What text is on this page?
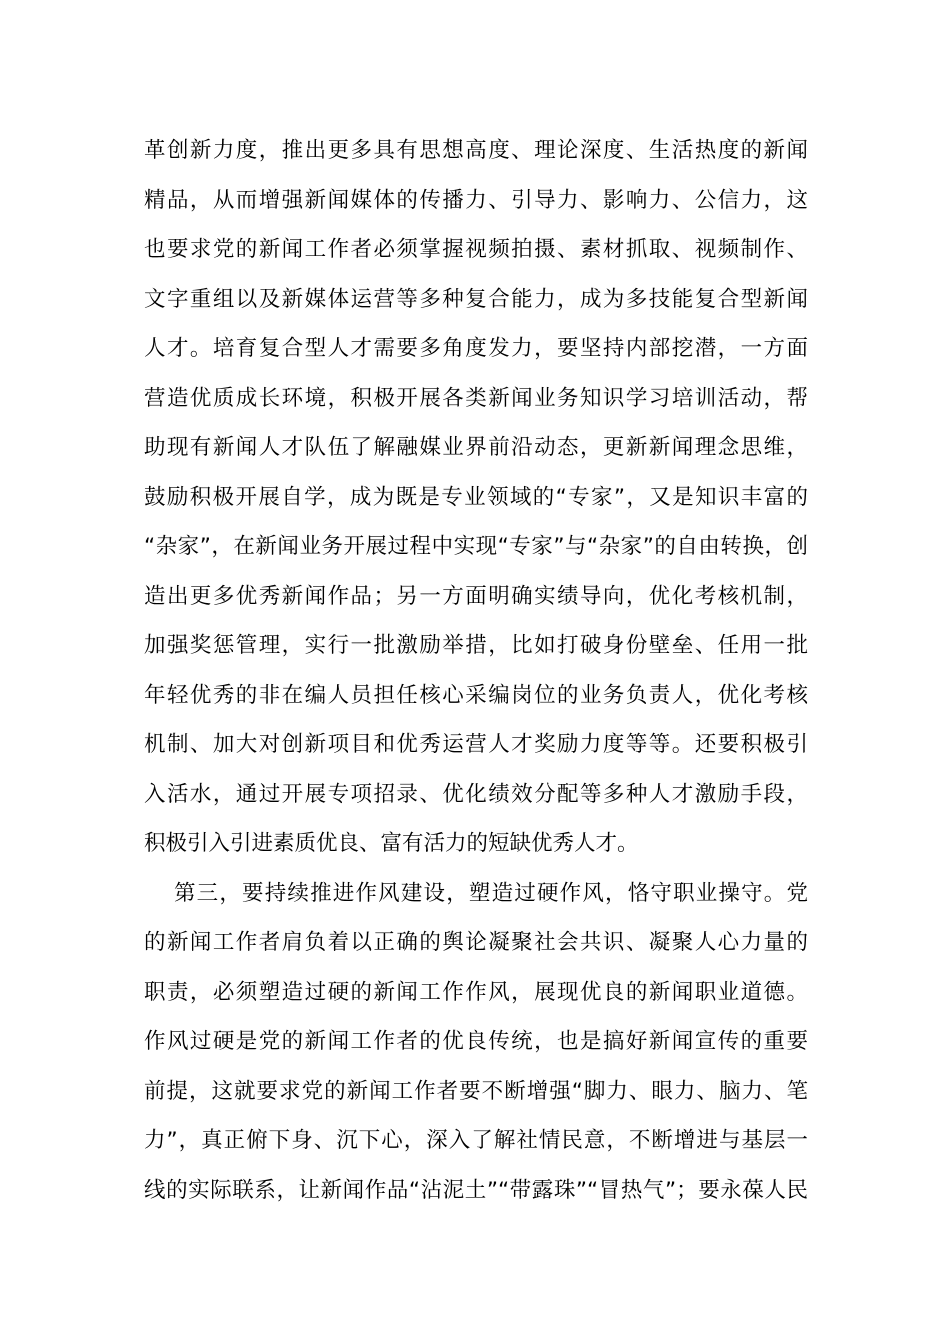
革创新力度，推出更多具有思想高度、理论深度、生活热度的新闻
精品，从而增强新闻媒体的传播力、引导力、影响力、公信力，这
也要求党的新闻工作者必须掌握视频拍摄、素材抓取、视频制作、
文字重组以及新媒体运营等多种复合能力，成为多技能复合型新闻
人才。培育复合型人才需要多角度发力，要坚持内部挖潜，一方面
营造优质成长环境，积极开展各类新闻业务知识学习培训活动，帮
助现有新闻人才队伍了解融媒业界前沿动态，更新新闻理念思维，
鼓励积极开展自学，成为既是专业领域的“专家”，又是知识丰富的
“杂家”，在新闻业务开展过程中实现“专家”与“杂家”的自由转换，创
造出更多优秀新闻作品；另一方面明确实绩导向，优化考核机制，
加强奖惩管理，实行一批激励举措，比如打破身份壁垒、任用一批
年轻优秀的非在编人员担任核心采编岗位的业务负责人，优化考核
机制、加大对创新项目和优秀运营人才奖励力度等等。还要积极引
入活水，通过开展专项招录、优化绩效分配等多种人才激励手段，
积极引入引进素质优良、富有活力的短缺优秀人才。
第三，要持续推进作风建设，塑造过硬作风，恪守职业操守。党
的新闻工作者肩负着以正确的舆论凝聚社会共识、凝聚人心力量的
职责，必须塑造过硬的新闻工作作风，展现优良的新闻职业道德。
作风过硬是党的新闻工作者的优良传统，也是搞好新闻宣传的重要
前提，这就要求党的新闻工作者要不断增强“脚力、眼力、脑力、笔
力”，真正俯下身、沉下心，深入了解社情民意，不断增进与基层一
线的实际联系，让新闻作品“沾泥土”“带露珠”“冒热气”；要永葆人民
